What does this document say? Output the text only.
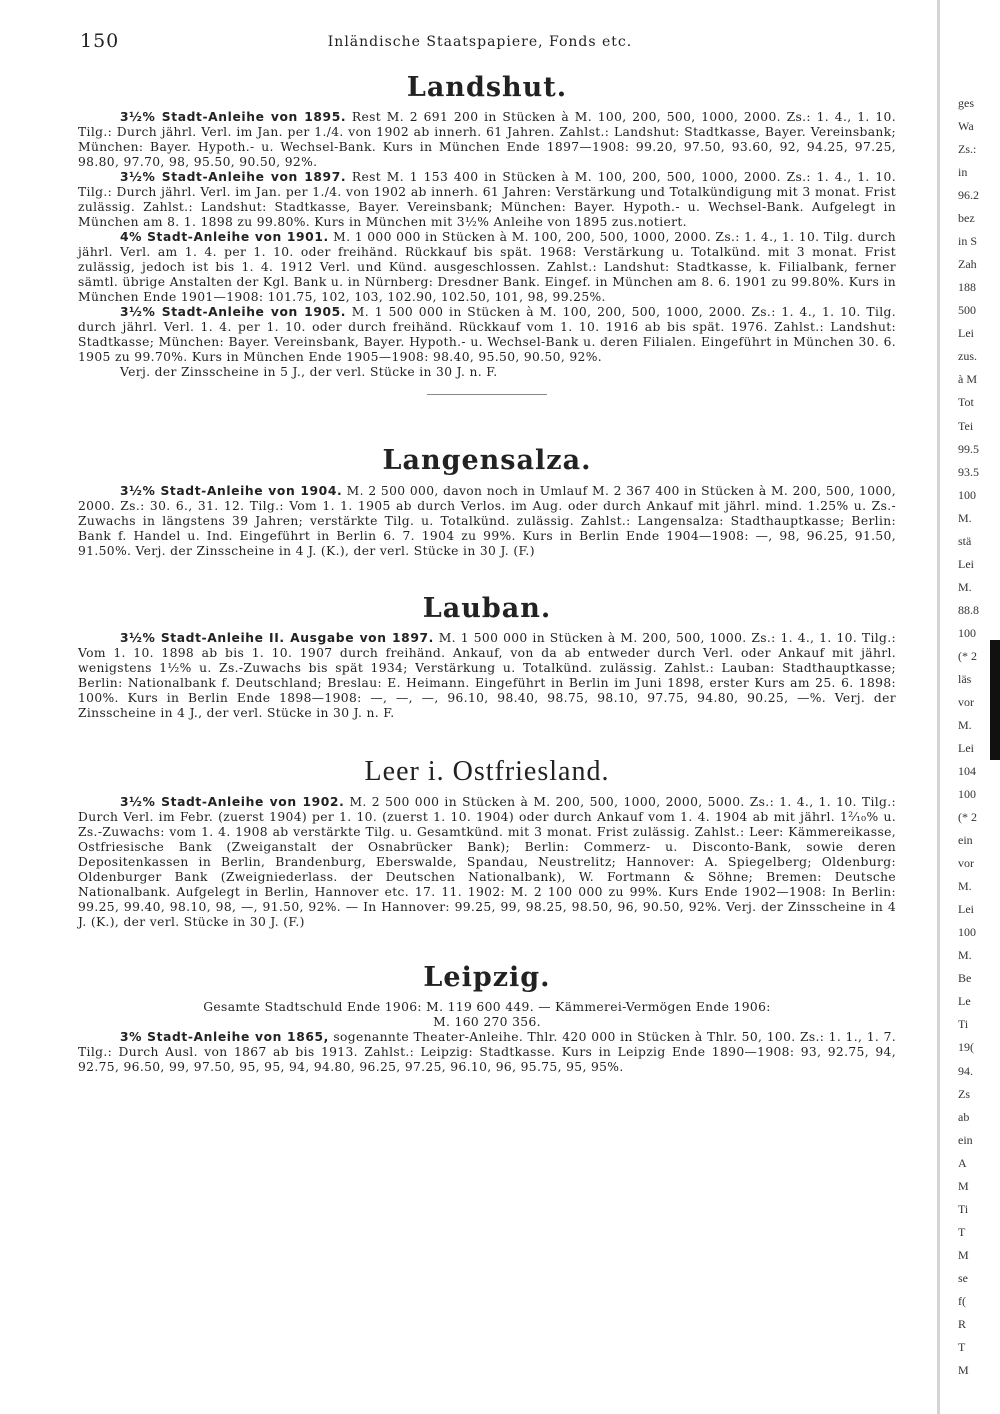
150	Inländische Staatspapiere, Fonds etc.
Landshut.

3½% Stadt-Anleihe von 1895. Rest M. 2 691 200 in Stücken à M. 100, 200, 500, 1000, 2000. Zs.: 1. 4., 1. 10. Tilg.: Durch jährl. Verl. im Jan. per 1./4. von 1902 ab innerh. 61 Jahren. Zahlst.: Landshut: Stadtkasse, Bayer. Vereinsbank; München: Bayer. Hypoth.- u. Wechsel-Bank. Kurs in München Ende 1897—1908: 99.20, 97.50, 93.60, 92, 94.25, 97.25, 98.80, 97.70, 98, 95.50, 90.50, 92%.

3½% Stadt-Anleihe von 1897. Rest M. 1 153 400 in Stücken à M. 100, 200, 500, 1000, 2000. Zs.: 1. 4., 1. 10. Tilg.: Durch jährl. Verl. im Jan. per 1./4. von 1902 ab innerh. 61 Jahren: Verstärkung und Totalkündigung mit 3 monat. Frist zulässig. Zahlst.: Landshut: Stadtkasse, Bayer. Vereinsbank; München: Bayer. Hypoth.- u. Wechsel-Bank. Aufgelegt in München am 8. 1. 1898 zu 99.80%. Kurs in München mit 3½% Anleihe von 1895 zus.notiert.

4% Stadt-Anleihe von 1901. M. 1 000 000 in Stücken à M. 100, 200, 500, 1000, 2000. Zs.: 1. 4., 1. 10. Tilg. durch jährl. Verl. am 1. 4. per 1. 10. oder freihänd. Rückkauf bis spät. 1968: Verstärkung u. Totalkünd. mit 3 monat. Frist zulässig, jedoch ist bis 1. 4. 1912 Verl. und Künd. ausgeschlossen. Zahlst.: Landshut: Stadtkasse, k. Filialbank, ferner sämtl. übrige Anstalten der Kgl. Bank u. in Nürnberg: Dresdner Bank. Eingef. in München am 8. 6. 1901 zu 99.80%. Kurs in München Ende 1901—1908: 101.75, 102, 103, 102.90, 102.50, 101, 98, 99.25%.

3½% Stadt-Anleihe von 1905. M. 1 500 000 in Stücken à M. 100, 200, 500, 1000, 2000. Zs.: 1. 4., 1. 10. Tilg. durch jährl. Verl. 1. 4. per 1. 10. oder durch freihänd. Rückkauf vom 1. 10. 1916 ab bis spät. 1976. Zahlst.: Landshut: Stadtkasse; München: Bayer. Vereinsbank, Bayer. Hypoth.- u. Wechsel-Bank u. deren Filialen. Eingeführt in München 30. 6. 1905 zu 99.70%. Kurs in München Ende 1905—1908: 98.40, 95.50, 90.50, 92%.

Verj. der Zinsscheine in 5 J., der verl. Stücke in 30 J. n. F.

Langensalza.

3½% Stadt-Anleihe von 1904. M. 2 500 000, davon noch in Umlauf M. 2 367 400 in Stücken à M. 200, 500, 1000, 2000. Zs.: 30. 6., 31. 12. Tilg.: Vom 1. 1. 1905 ab durch Verlos. im Aug. oder durch Ankauf mit jährl. mind. 1.25% u. Zs.-Zuwachs in längstens 39 Jahren; verstärkte Tilg. u. Totalkünd. zulässig. Zahlst.: Langensalza: Stadthauptkasse; Berlin: Bank f. Handel u. Ind. Eingeführt in Berlin 6. 7. 1904 zu 99%. Kurs in Berlin Ende 1904—1908: —, 98, 96.25, 91.50, 91.50%. Verj. der Zinsscheine in 4 J. (K.), der verl. Stücke in 30 J. (F.)

Lauban.

3½% Stadt-Anleihe II. Ausgabe von 1897. M. 1 500 000 in Stücken à M. 200, 500, 1000. Zs.: 1. 4., 1. 10. Tilg.: Vom 1. 10. 1898 ab bis 1. 10. 1907 durch freihänd. Ankauf, von da ab entweder durch Verl. oder Ankauf mit jährl. wenigstens 1½% u. Zs.-Zuwachs bis spät 1934; Verstärkung u. Totalkünd. zulässig. Zahlst.: Lauban: Stadthauptkasse; Berlin: Nationalbank f. Deutschland; Breslau: E. Heimann. Eingeführt in Berlin im Juni 1898, erster Kurs am 25. 6. 1898: 100%. Kurs in Berlin Ende 1898—1908: —, —, —, 96.10, 98.40, 98.75, 98.10, 97.75, 94.80, 90.25, —%. Verj. der Zinsscheine in 4 J., der verl. Stücke in 30 J. n. F.

Leer i. Ostfriesland.

3½% Stadt-Anleihe von 1902. M. 2 500 000 in Stücken à M. 200, 500, 1000, 2000, 5000. Zs.: 1. 4., 1. 10. Tilg.: Durch Verl. im Febr. (zuerst 1904) per 1. 10. (zuerst 1. 10. 1904) oder durch Ankauf vom 1. 4. 1904 ab mit jährl. 1²⁄₁₀% u. Zs.-Zuwachs: vom 1. 4. 1908 ab verstärkte Tilg. u. Gesamtkünd. mit 3 monat. Frist zulässig. Zahlst.: Leer: Kämmereikasse, Ostfriesische Bank (Zweiganstalt der Osnabrücker Bank); Berlin: Commerz- u. Disconto-Bank, sowie deren Depositenkassen in Berlin, Brandenburg, Eberswalde, Spandau, Neustrelitz; Hannover: A. Spiegelberg; Oldenburg: Oldenburger Bank (Zweigniederlass. der Deutschen Nationalbank), W. Fortmann & Söhne; Bremen: Deutsche Nationalbank. Aufgelegt in Berlin, Hannover etc. 17. 11. 1902: M. 2 100 000 zu 99%. Kurs Ende 1902—1908: In Berlin: 99.25, 99.40, 98.10, 98, —, 91.50, 92%. — In Hannover: 99.25, 99, 98.25, 98.50, 96, 90.50, 92%. Verj. der Zinsscheine in 4 J. (K.), der verl. Stücke in 30 J. (F.)

Leipzig.

Gesamte Stadtschuld Ende 1906: M. 119 600 449. — Kämmerei-Vermögen Ende 1906:

M. 160 270 356.

3% Stadt-Anleihe von 1865, sogenannte Theater-Anleihe. Thlr. 420 000 in Stücken à Thlr. 50, 100. Zs.: 1. 1., 1. 7. Tilg.: Durch Ausl. von 1867 ab bis 1913. Zahlst.: Leipzig: Stadtkasse. Kurs in Leipzig Ende 1890—1908: 93, 92.75, 94, 92.75, 96.50, 99, 97.50, 95, 95, 94, 94.80, 96.25, 97.25, 96.10, 96, 95.75, 95, 95%.

ges
Wa
Zs.:
in
96.2
bez
in S
Zah
188
500
Lei
zus.
à M
Tot
Tei
99.5
93.5
100
M.
stä
Lei
M.
88.8
100
(* 2
läs
vor
M.
Lei
104
100
(* 2
ein
vor
M.
Lei
100
M.
Be
Le
Ti
19(
94.
Zs
ab
ein
A
M
Ti
T
M
se
f(
R
T
M
